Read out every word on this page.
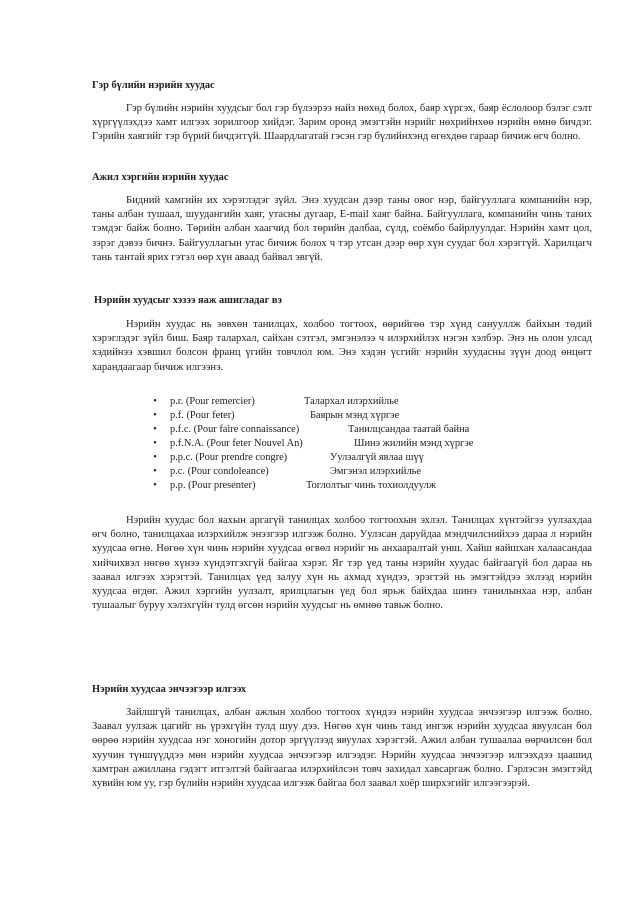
Гэр бүлийн нэрийн хуудас

Гэр бүлийн нэрийн хуудсыг бол гэр бүлээрээ найз нөхөд болох, баяр хүргэх, баяр ёслолоор бэлэг сэлт хүргүүлэхдээ хамт илгээх зорилгоор хийдэг. Зарим оронд эмэгтэйн нэрийг нөхрийнхөө нэрийн өмнө бичдэг. Гэрийн хаягийг тэр бүрий бичдэггүй. Шаардлагатай гэсэн гэр бүлийнхэнд өгөхдөө гараар бичиж өгч болно.

Ажил хэргийн нэрийн хуудас

Бидний хамгийн их хэрэглэдэг зүйл. Энэ хуудсан дээр таны овог нэр, байгууллага компанийн нэр, таны албан тушаал, шуудангийн хаяг, утасны дугаар, E-mail хаяг байна. Байгууллага, компанийн чинь таних тэмдэг байж болно. Төрийн албан хаагчид бол төрийн далбаа, сүлд, соёмбо байрлуулдаг. Нэрийн хамт цол, зэрэг дэвээ бичнэ. Байгууллагын утас бичиж болох ч тэр утсан дээр өөр хүн суудаг бол хэрэггүй. Харилцагч тань тантай ярих гэтэл өөр хүн аваад байвал эвгүй.

Нэрийн хуудсыг хэзээ яаж ашигладаг вэ

Нэрийн хуудас нь зөвхөн танилцах, холбоо тогтоох, өөрийгөө тэр хүнд санууллж байхын төдий хэрэглэдэг зүйл биш. Баяр талархал, сайхан сэтгэл, эмгэнэлээ ч илэрхийлэх нэгэн хэлбэр. Энэ нь олон улсад хэдийнээ хэвшил болсон франц үгийн товчлол юм. Энэ хэдэн үсгийг нэрийн хуудасны зүүн доод өнцөгт харандаагаар бичиж илгээнэ.

•	p.r. (Pour remercier)	Талархал илэрхийлье
•	p.f. (Pour feter)	Баярын мэнд хүргэе
•	p.f.c. (Pour faire connaissance)	Танилцсандаа таатай байна
•	p.f.N.A. (Pour feter Nouvel An)	Шинэ жилийн мэнд хүргэе
•	p.p.c. (Pour prendre congre)	Уулзалгүй явлаа шүү
•	p.c. (Pour condoleance)	Эмгэнэл илэрхийлье
•	p.p. (Pour presenter)	Тоглолтыг чинь тохиолдуулж

Нэрийн хуудас бол яахын аргагүй танилцах холбоо тогтоохын эхлэл. Танилцах хүнтэйгээ уулзахдаа өгч болно, танилцахаа илэрхийлж энэзгээр илгээж болно. Уулзсан даруйдаа мэндчилснийхээ дараа л нэрийн хуудсаа өгнө. Нөгөө хүн чинь нэрийн хуудсаа өгвөл нэрийг нь анхааралтай унш. Хайш яайшхан халаасандаа хийчихвэл нөгөө хүнээ хүндэтгэхгүй байгаа хэрэг. Яг тэр үед таны нэрийн хуудас байгаагүй бол дараа нь заавал илгээх хэрэгтэй. Танилцах үед залуу хүн нь ахмад хүндээ, эрэгтэй нь эмэгтэйдээ эхлээд нэрийн хуудсаа өгдөг. Ажил хэргийн уулзалт, ярилцлагын үед бол ярьж байхдаа шинэ танилынхаа нэр, албан тушаалыг буруу хэлэхгүйн тулд өгсөн нэрийн хуудсыг нь өмнөө тавьж болно.

Нэрийн хуудсаа энчээгээр илгээх

Зайлшгүй танилцах, албан ажлын холбоо тогтоох хүндээ нэрийн хуудсаа энчээгээр илгээж болно. Заавал уулзаж цагийг нь үрэхгүйн тулд шуу дээ. Нөгөө хүн чинь танд ингэж нэрийн хуудсаа явуулсан бол өөрөө нэрийн хуудсаа нэг хоногийн дотор эргүүлээд явуулах хэрэгтэй. Ажил албан тушаалаа өөрчилсөн бол хуучин түншүүддээ мөн нэрийн хуудсаа энчээгээр илгээдэг. Нэрийн хуудсаа энчээгээр илгээхдээ цаашид хамтран ажиллана гэдэгт итгэлтэй байгаагаа илэрхийлсэн товч захидал хавсаргаж болно. Гэрлэсэн эмэгтэйд хувийн юм уу, гэр бүлийн нэрийн хуудсаа илгээж байгаа бол заавал хоёр ширхэгийг илгээгээрэй.
